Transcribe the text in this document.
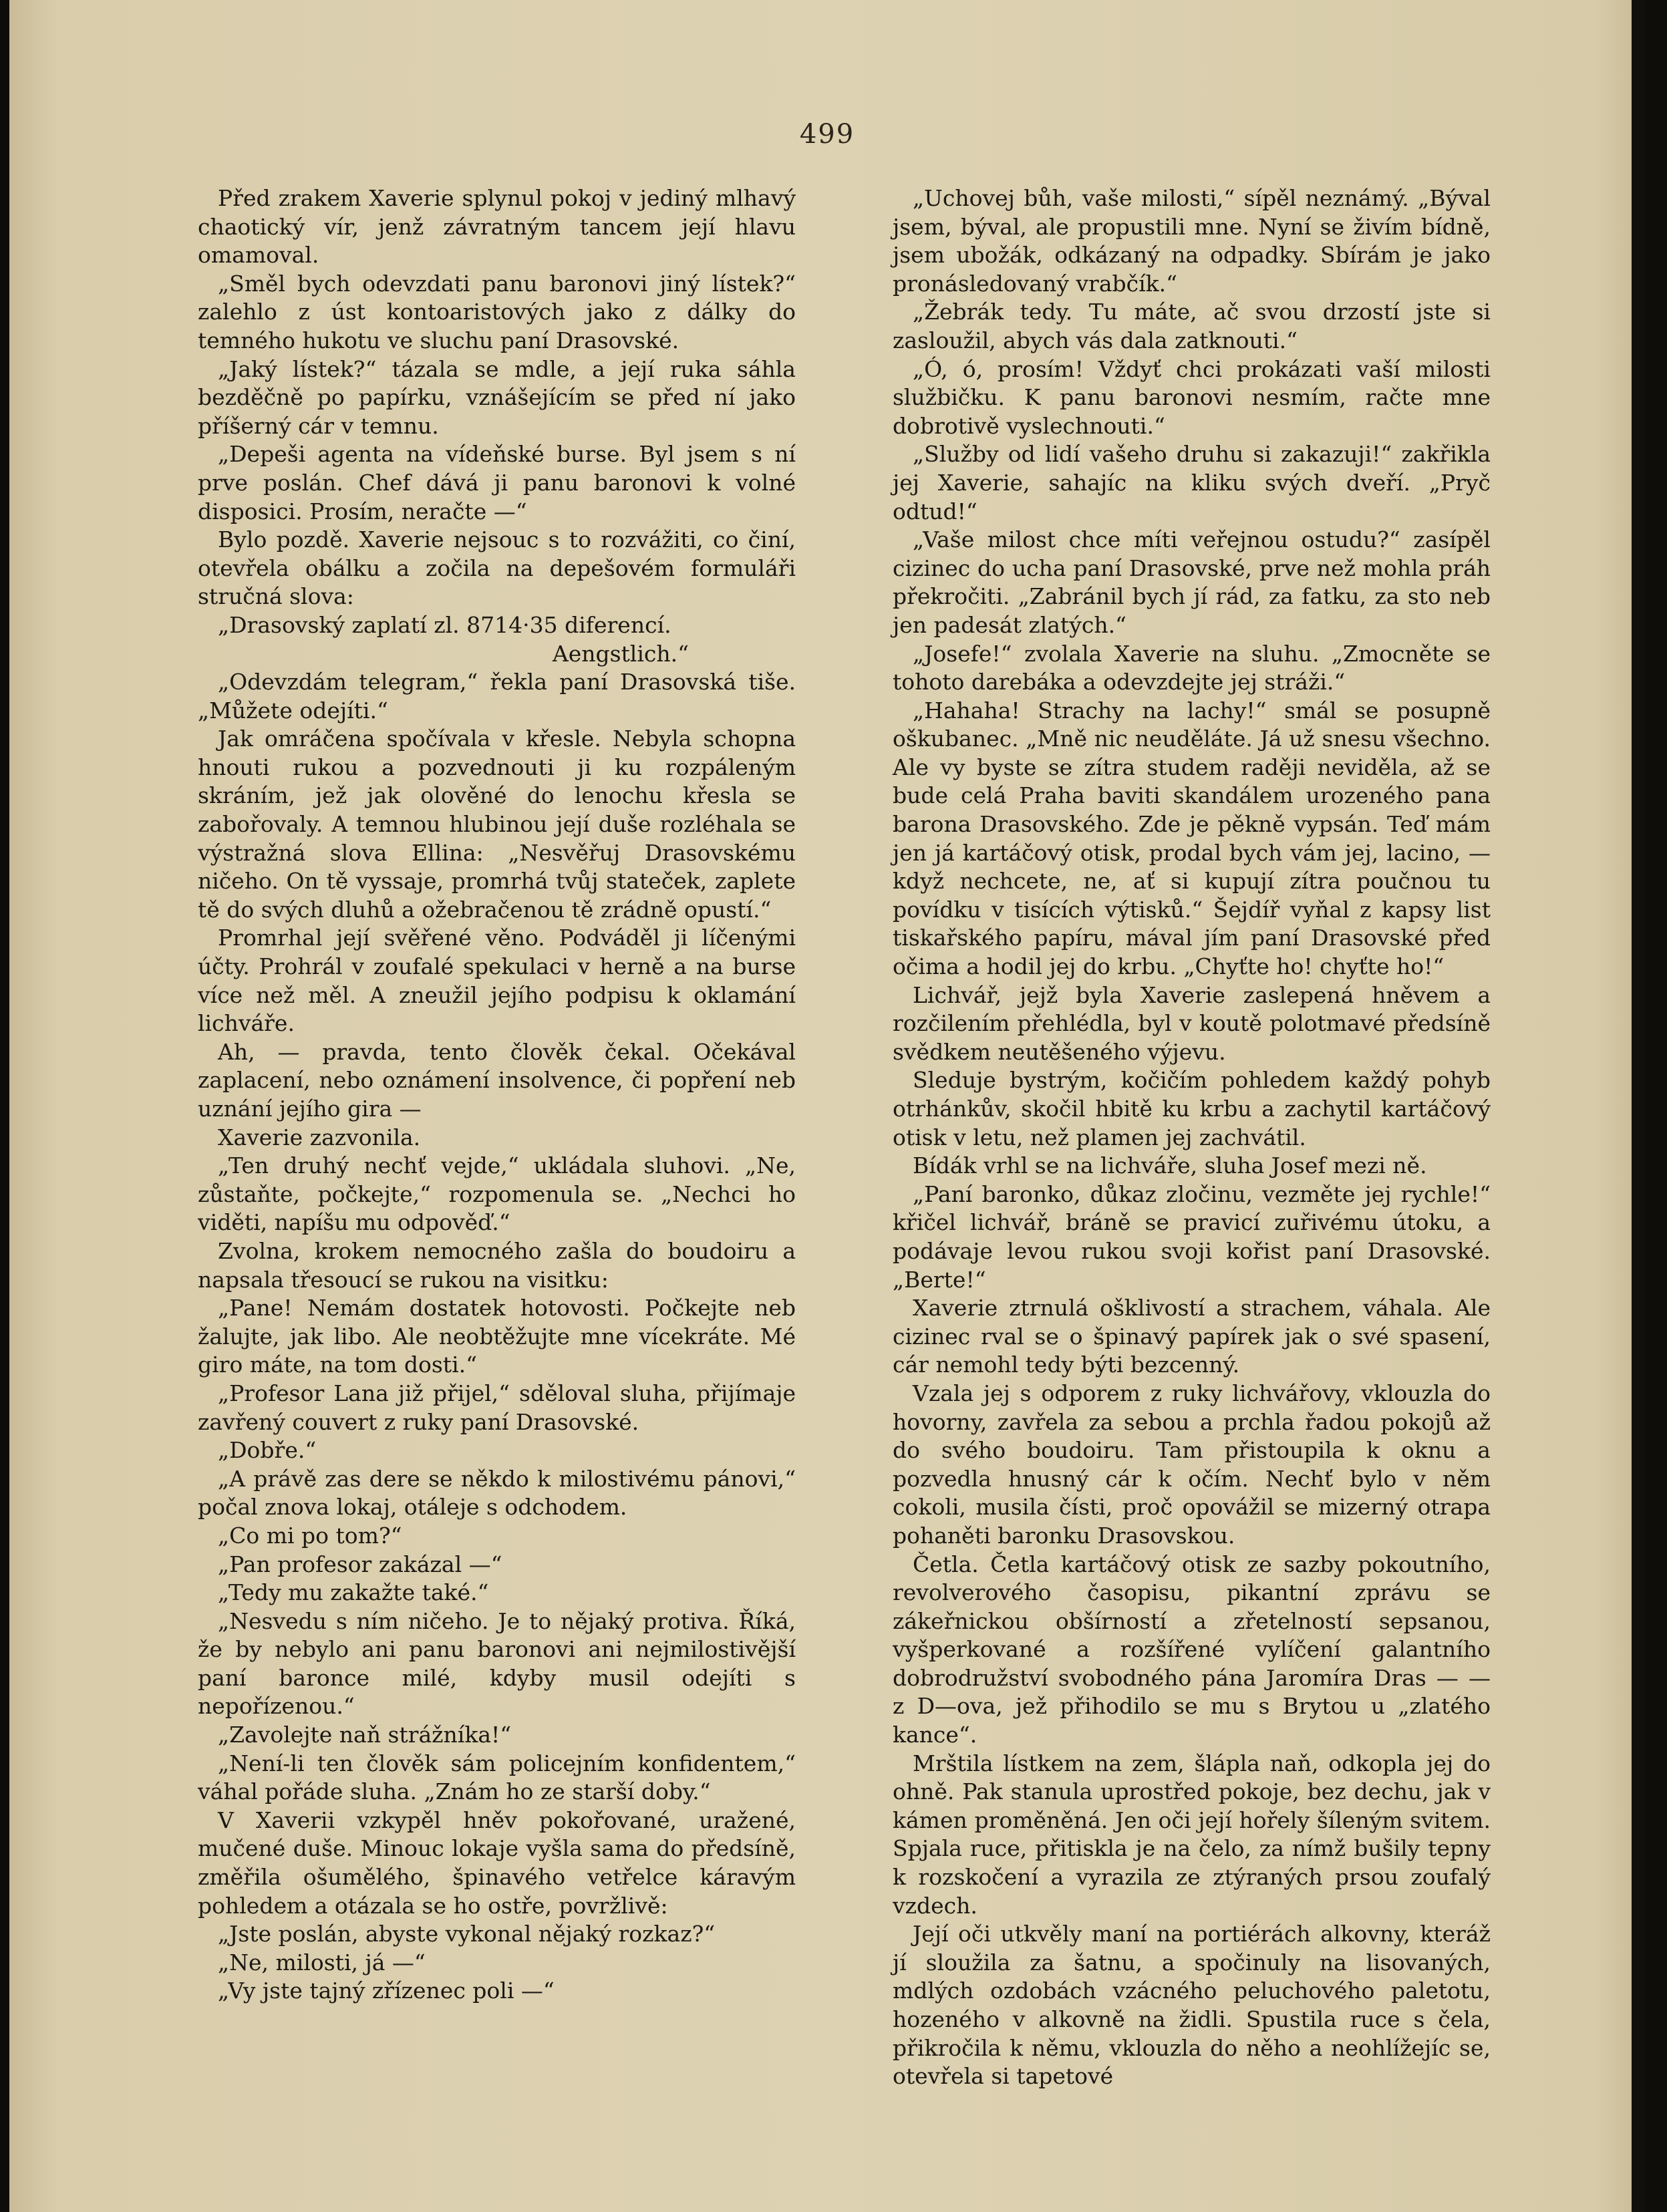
499

Před zrakem Xaverie splynul pokoj v jediný mlhavý chaotický vír, jenž závratným tancem její hlavu omamoval.

„Směl bych odevzdati panu baronovi jiný lístek?“ zalehlo z úst kontoaristových jako z dálky do temného hukotu ve sluchu paní Drasovské.

„Jaký lístek?“ tázala se mdle, a její ruka sáhla bezděčně po papírku, vznášejícím se před ní jako příšerný cár v temnu.

„Depeši agenta na vídeňské burse. Byl jsem s ní prve poslán. Chef dává ji panu baronovi k volné disposici. Prosím, neračte —“

Bylo pozdě. Xaverie nejsouc s to rozvážiti, co činí, otevřela obálku a zočila na depešovém formuláři stručná slova:

„Drasovský zaplatí zl. 8714·35 diferencí.

Aengstlich.“

„Odevzdám telegram,“ řekla paní Drasovská tiše. „Můžete odejíti.“

Jak omráčena spočívala v křesle. Nebyla schopna hnouti rukou a pozvednouti ji ku rozpáleným skráním, jež jak olověné do lenochu křesla se zabořovaly. A temnou hlubinou její duše rozléhala se výstražná slova Ellina: „Nesvěřuj Drasovskému ničeho. On tě vyssaje, promrhá tvůj stateček, zaplete tě do svých dluhů a ožebračenou tě zrádně opustí.“

Promrhal její svěřené věno. Podváděl ji líčenými účty. Prohrál v zoufalé spekulaci v herně a na burse více než měl. A zneužil jejího podpisu k oklamání lichváře.

Ah, — pravda, tento člověk čekal. Očekával zaplacení, nebo oznámení insolvence, či popření neb uznání jejího gira —

Xaverie zazvonila.

„Ten druhý nechť vejde,“ ukládala sluhovi. „Ne, zůstaňte, počkejte,“ rozpomenula se. „Nechci ho viděti, napíšu mu odpověď.“

Zvolna, krokem nemocného zašla do boudoiru a napsala třesoucí se rukou na visitku:

„Pane! Nemám dostatek hotovosti. Počkejte neb žalujte, jak libo. Ale neobtěžujte mne vícekráte. Mé giro máte, na tom dosti.“

„Profesor Lana již přijel,“ sděloval sluha, přijímaje zavřený couvert z ruky paní Drasovské.

„Dobře.“

„A právě zas dere se někdo k milostivému pánovi,“ počal znova lokaj, otáleje s odchodem.

„Co mi po tom?“

„Pan profesor zakázal —“

„Tedy mu zakažte také.“

„Nesvedu s ním ničeho. Je to nějaký protiva. Říká, že by nebylo ani panu baronovi ani nejmilostivější paní baronce milé, kdyby musil odejíti s nepořízenou.“

„Zavolejte naň strážníka!“

„Není-li ten člověk sám policejním konfidentem,“ váhal pořáde sluha. „Znám ho ze starší doby.“

V Xaverii vzkypěl hněv pokořované, uražené, mučené duše. Minouc lokaje vyšla sama do předsíně, změřila ošumělého, špinavého vetřelce káravým pohledem a otázala se ho ostře, povržlivě:

„Jste poslán, abyste vykonal nějaký rozkaz?“

„Ne, milosti, já —“

„Vy jste tajný zřízenec poli —“

„Uchovej bůh, vaše milosti,“ sípěl neznámý. „Býval jsem, býval, ale propustili mne. Nyní se živím bídně, jsem ubožák, odkázaný na odpadky. Sbírám je jako pronásledovaný vrabčík.“

„Žebrák tedy. Tu máte, ač svou drzostí jste si zasloužil, abych vás dala zatknouti.“

„Ó, ó, prosím! Vždyť chci prokázati vaší milosti službičku. K panu baronovi nesmím, račte mne dobrotivě vyslechnouti.“

„Služby od lidí vašeho druhu si zakazuji!“ zakřikla jej Xaverie, sahajíc na kliku svých dveří. „Pryč odtud!“

„Vaše milost chce míti veřejnou ostudu?“ zasípěl cizinec do ucha paní Drasovské, prve než mohla práh překročiti. „Zabránil bych jí rád, za fatku, za sto neb jen padesát zlatých.“

„Josefe!“ zvolala Xaverie na sluhu. „Zmocněte se tohoto darebáka a odevzdejte jej stráži.“

„Hahaha! Strachy na lachy!“ smál se posupně oškubanec. „Mně nic neuděláte. Já už snesu všechno. Ale vy byste se zítra studem raději neviděla, až se bude celá Praha baviti skandálem urozeného pana barona Drasovského. Zde je pěkně vypsán. Teď mám jen já kartáčový otisk, prodal bych vám jej, lacino, — když nechcete, ne, ať si kupují zítra poučnou tu povídku v tisících výtisků.“ Šejdíř vyňal z kapsy list tiskařského papíru, mával jím paní Drasovské před očima a hodil jej do krbu. „Chyťte ho! chyťte ho!“

Lichvář, jejž byla Xaverie zaslepená hněvem a rozčilením přehlédla, byl v koutě polotmavé předsíně svědkem neutěšeného výjevu.

Sleduje bystrým, kočičím pohledem každý pohyb otrhánkův, skočil hbitě ku krbu a zachytil kartáčový otisk v letu, než plamen jej zachvátil.

Bídák vrhl se na lichváře, sluha Josef mezi ně.

„Paní baronko, důkaz zločinu, vezměte jej rychle!“ křičel lichvář, bráně se pravicí zuřivému útoku, a podávaje levou rukou svoji kořist paní Drasovské. „Berte!“

Xaverie ztrnulá ošklivostí a strachem, váhala. Ale cizinec rval se o špinavý papírek jak o své spasení, cár nemohl tedy býti bezcenný.

Vzala jej s odporem z ruky lichvářovy, vklouzla do hovorny, zavřela za sebou a prchla řadou pokojů až do svého boudoiru. Tam přistoupila k oknu a pozvedla hnusný cár k očím. Nechť bylo v něm cokoli, musila čísti, proč opovážil se mizerný otrapa pohaněti baronku Drasovskou.

Četla. Četla kartáčový otisk ze sazby pokoutního, revolverového časopisu, pikantní zprávu se zákeřnickou obšírností a zřetelností sepsanou, vyšperkované a rozšířené vylíčení galantního dobrodružství svobodného pána Jaromíra Dras — — z D—ova, jež přihodilo se mu s Brytou u „zlatého kance“.

Mrštila lístkem na zem, šlápla naň, odkopla jej do ohně. Pak stanula uprostřed pokoje, bez dechu, jak v kámen proměněná. Jen oči její hořely šíleným svitem. Spjala ruce, přitiskla je na čelo, za nímž bušily tepny k rozskočení a vyrazila ze ztýraných prsou zoufalý vzdech.

Její oči utkvěly maní na portiérách alkovny, kteráž jí sloužila za šatnu, a spočinuly na lisovaných, mdlých ozdobách vzácného peluchového paletotu, hozeného v alkovně na židli. Spustila ruce s čela, přikročila k němu, vklouzla do něho a neohlížejíc se, otevřela si tapetové
